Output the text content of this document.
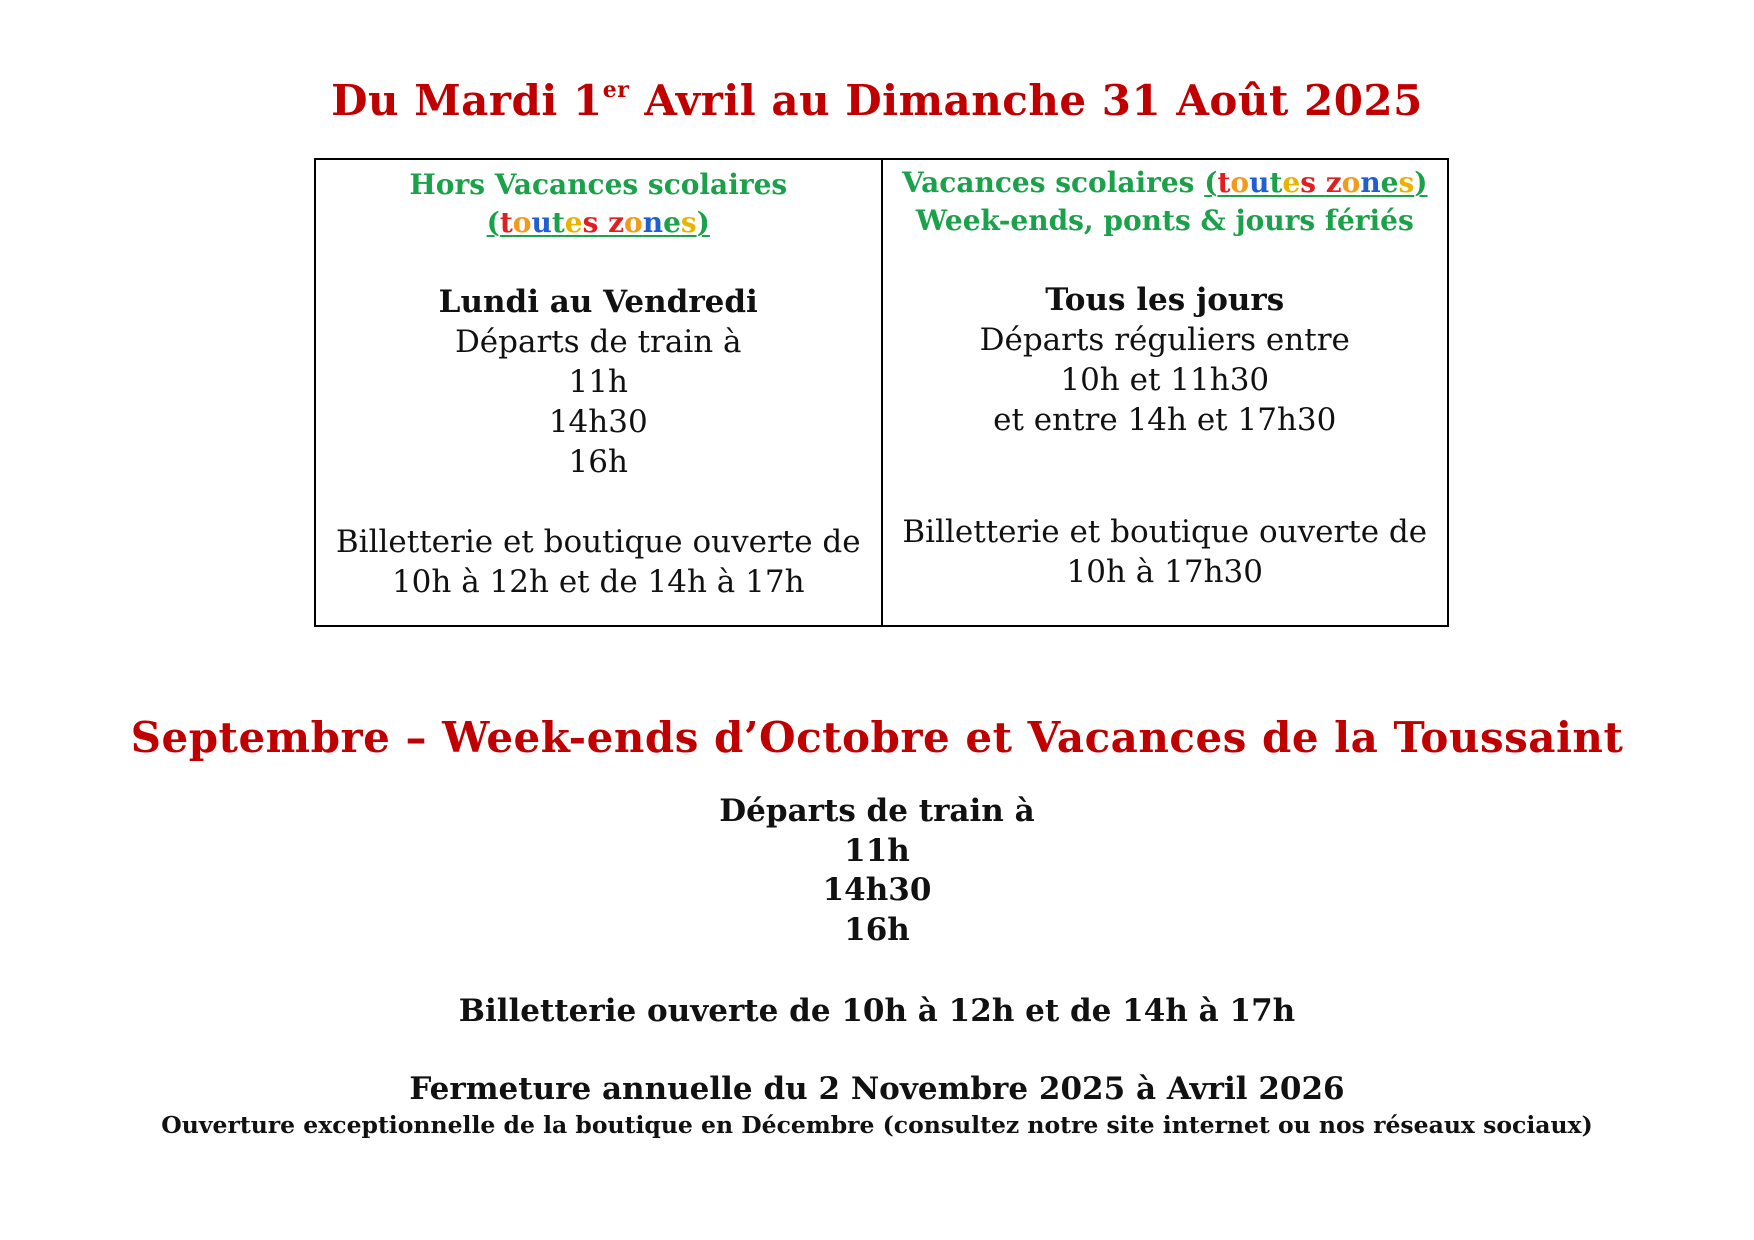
Du Mardi 1er Avril au Dimanche 31 Août 2025
Hors Vacances scolaires
(toutes zones)
Lundi au Vendredi
Départs de train à
11h
14h30
16h
Billetterie et boutique ouverte de
10h à 12h et de 14h à 17h

Vacances scolaires (toutes zones)
Week-ends, ponts & jours fériés
Tous les jours
Départs réguliers entre
10h et 11h30
et entre 14h et 17h30
Billetterie et boutique ouverte de
10h à 17h30
Septembre – Week-ends d’Octobre et Vacances de la Toussaint
Départs de train à
11h
14h30
16h
Billetterie ouverte de 10h à 12h et de 14h à 17h
Fermeture annuelle du 2 Novembre 2025 à Avril 2026
Ouverture exceptionnelle de la boutique en Décembre (consultez notre site internet ou nos réseaux sociaux)
